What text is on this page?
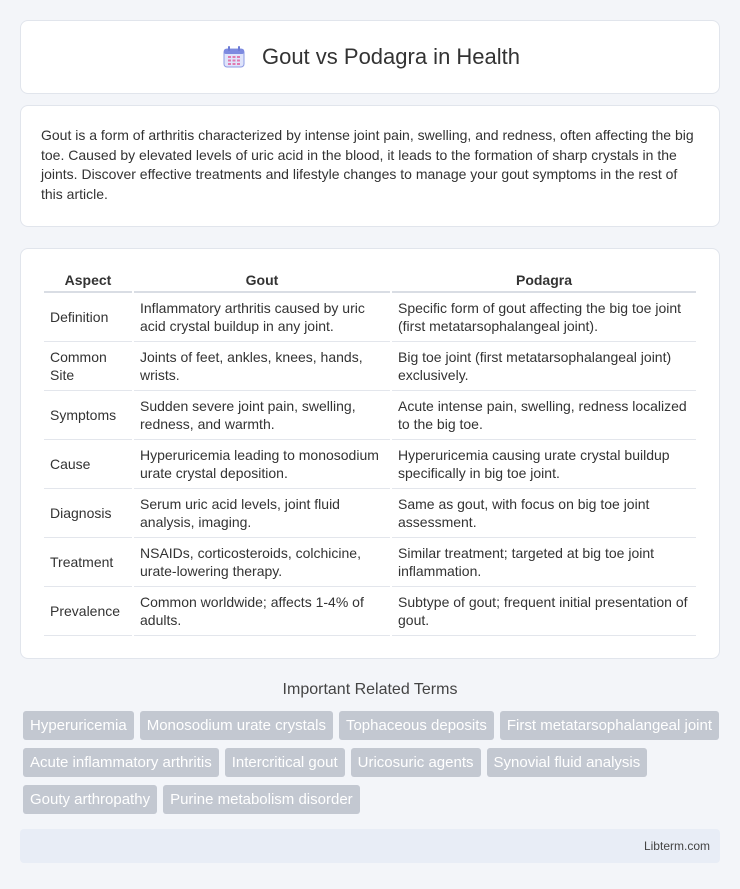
Gout vs Podagra in Health

Gout is a form of arthritis characterized by intense joint pain, swelling, and redness, often affecting the big toe. Caused by elevated levels of uric acid in the blood, it leads to the formation of sharp crystals in the joints. Discover effective treatments and lifestyle changes to manage your gout symptoms in the rest of this article.

Aspect	Gout	Podagra
Definition	Inflammatory arthritis caused by uric acid crystal buildup in any joint.	Specific form of gout affecting the big toe joint (first metatarsophalangeal joint).
Common Site	Joints of feet, ankles, knees, hands, wrists.	Big toe joint (first metatarsophalangeal joint) exclusively.
Symptoms	Sudden severe joint pain, swelling, redness, and warmth.	Acute intense pain, swelling, redness localized to the big toe.
Cause	Hyperuricemia leading to monosodium urate crystal deposition.	Hyperuricemia causing urate crystal buildup specifically in big toe joint.
Diagnosis	Serum uric acid levels, joint fluid analysis, imaging.	Same as gout, with focus on big toe joint assessment.
Treatment	NSAIDs, corticosteroids, colchicine, urate-lowering therapy.	Similar treatment; targeted at big toe joint inflammation.
Prevalence	Common worldwide; affects 1-4% of adults.	Subtype of gout; frequent initial presentation of gout.
Important Related Terms
Hyperuricemia	Monosodium urate crystals	Tophaceous deposits	First metatarsophalangeal joint
Acute inflammatory arthritis	Intercritical gout	Uricosuric agents	Synovial fluid analysis
Gouty arthropathy	Purine metabolism disorder
Libterm.com
